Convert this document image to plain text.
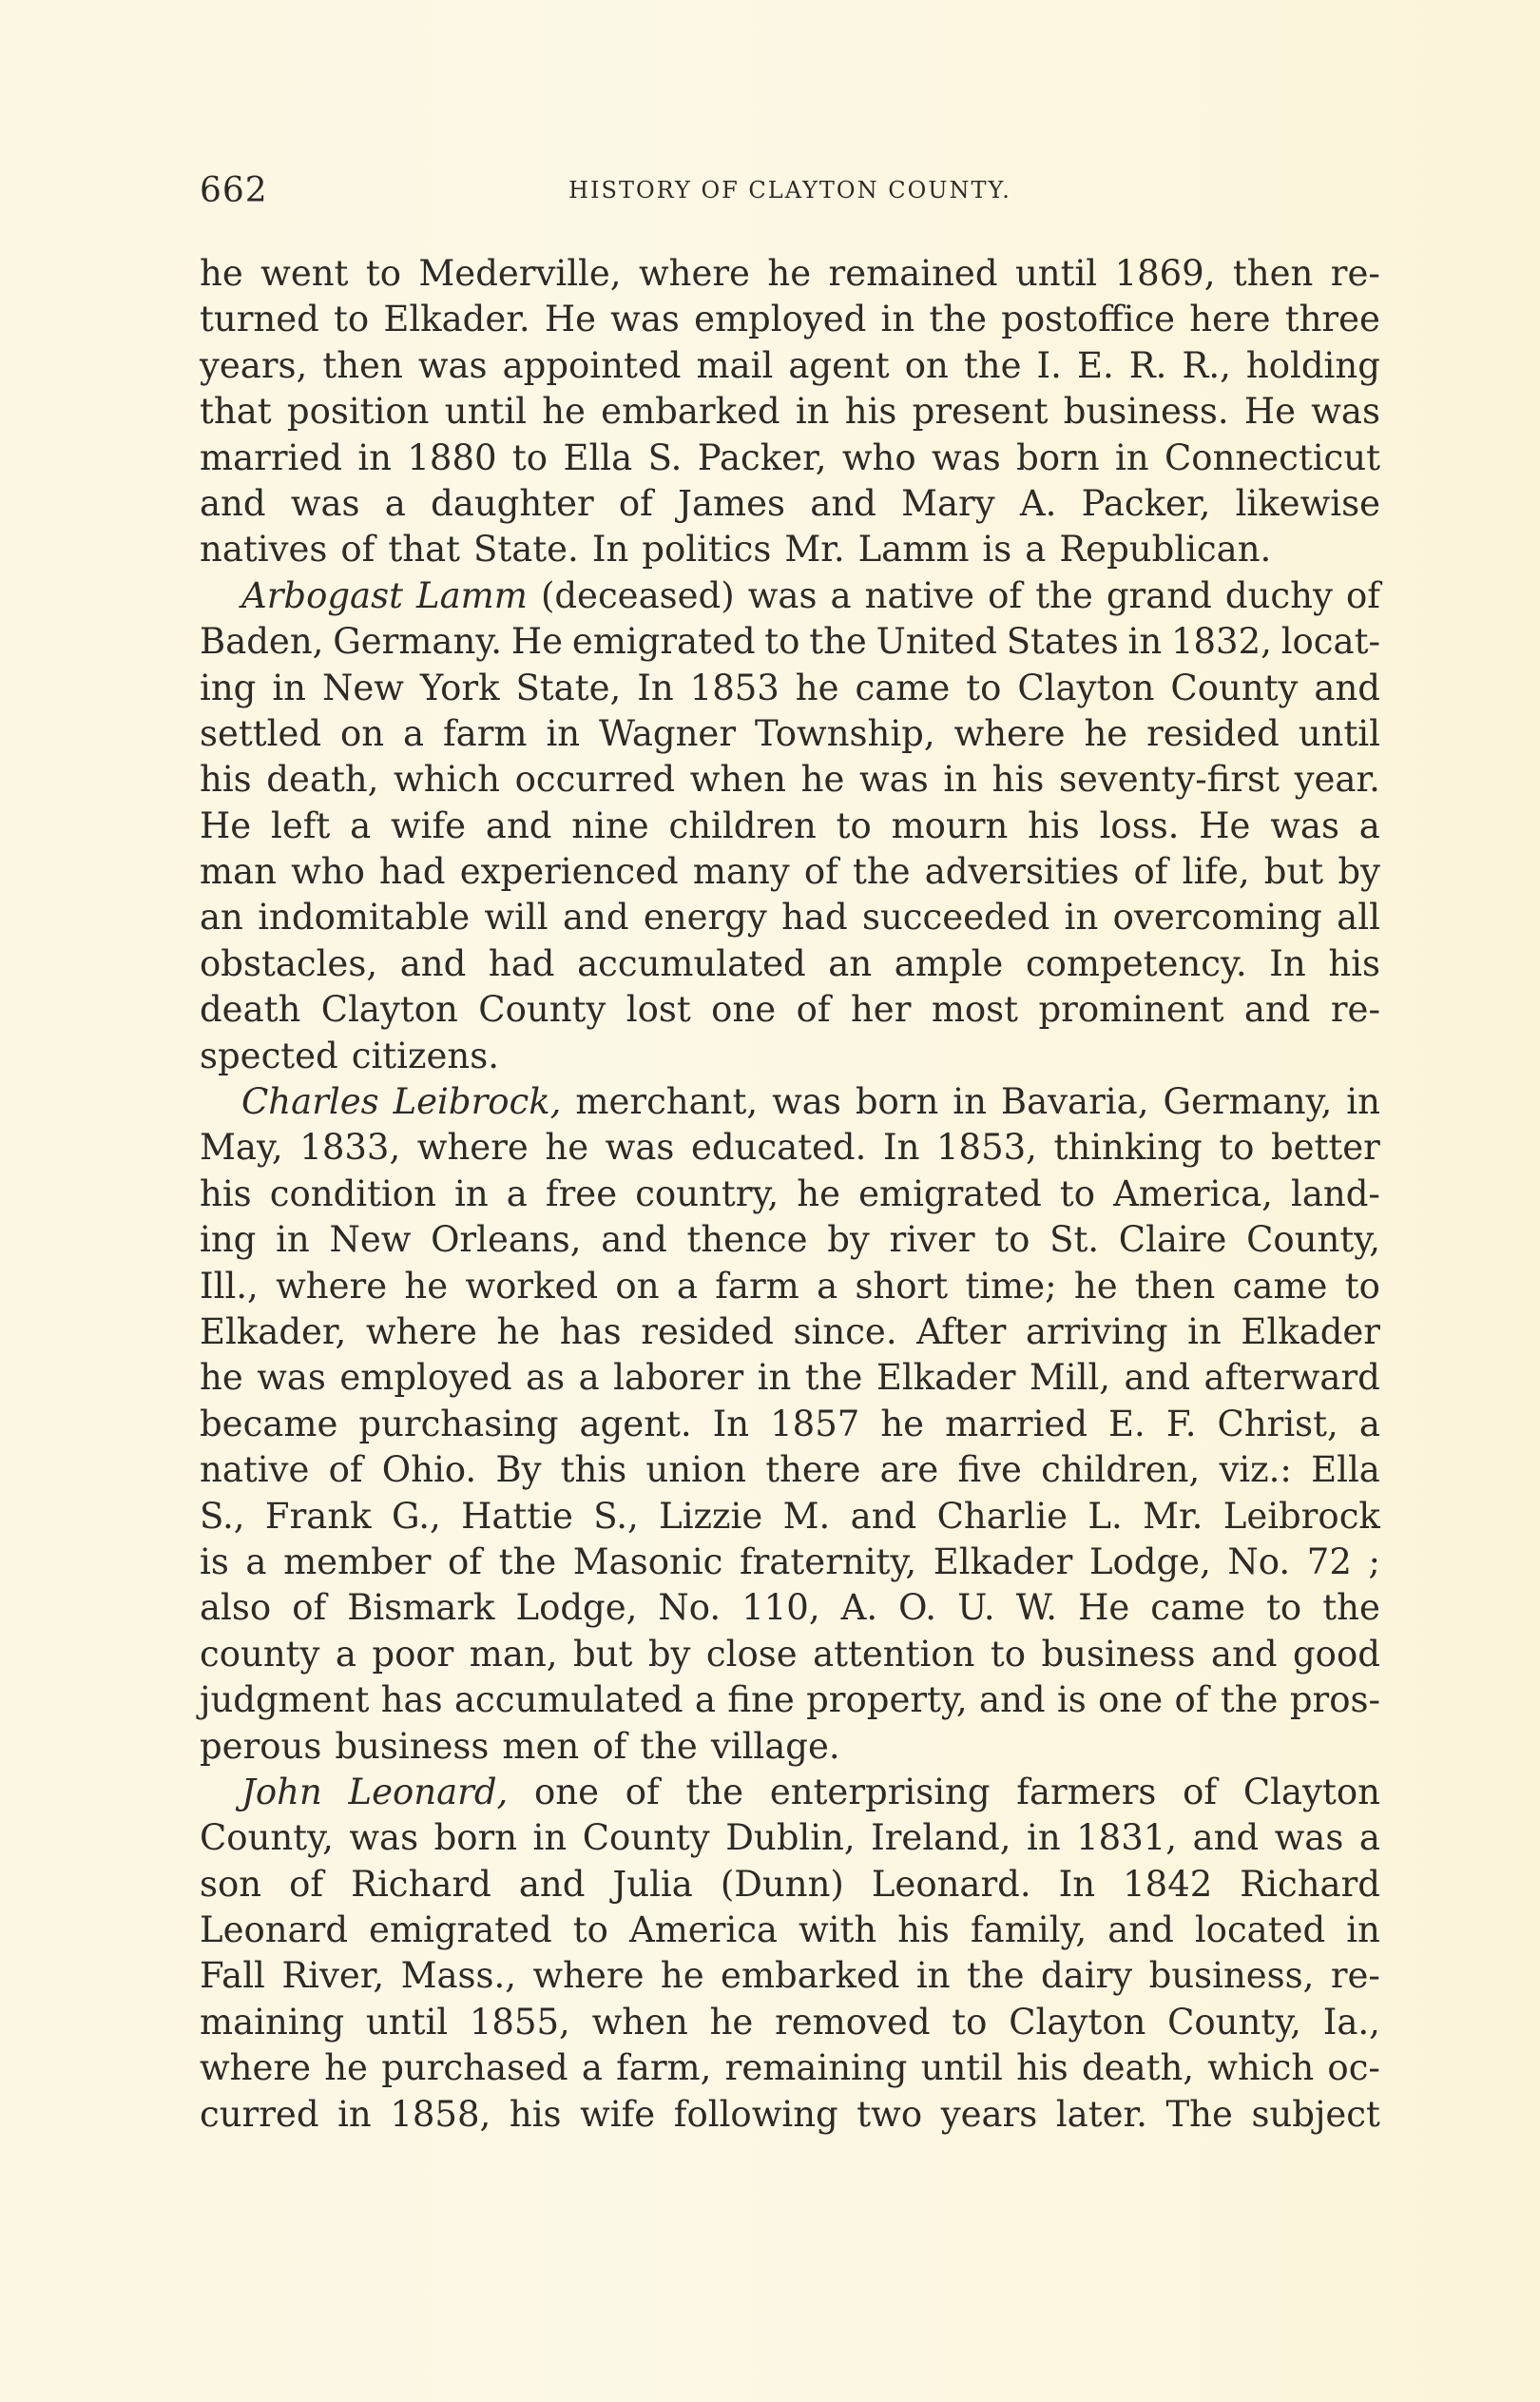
662	HISTORY OF CLAYTON COUNTY.
he went to Mederville, where he remained until 1869, then re-
turned to Elkader. He was employed in the postoffice here three
years, then was appointed mail agent on the I. E. R. R., holding
that position until he embarked in his present business. He was
married in 1880 to Ella S. Packer, who was born in Connecticut
and was a daughter of James and Mary A. Packer, likewise
natives of that State. In politics Mr. Lamm is a Republican.
Arbogast Lamm (deceased) was a native of the grand duchy of
Baden, Germany. He emigrated to the United States in 1832, locat-
ing in New York State, In 1853 he came to Clayton County and
settled on a farm in Wagner Township, where he resided until
his death, which occurred when he was in his seventy-first year.
He left a wife and nine children to mourn his loss. He was a
man who had experienced many of the adversities of life, but by
an indomitable will and energy had succeeded in overcoming all
obstacles, and had accumulated an ample competency. In his
death Clayton County lost one of her most prominent and re-
spected citizens.
Charles Leibrock, merchant, was born in Bavaria, Germany, in
May, 1833, where he was educated. In 1853, thinking to better
his condition in a free country, he emigrated to America, land-
ing in New Orleans, and thence by river to St. Claire County,
Ill., where he worked on a farm a short time; he then came to
Elkader, where he has resided since. After arriving in Elkader
he was employed as a laborer in the Elkader Mill, and afterward
became purchasing agent. In 1857 he married E. F. Christ, a
native of Ohio. By this union there are five children, viz.: Ella
S., Frank G., Hattie S., Lizzie M. and Charlie L. Mr. Leibrock
is a member of the Masonic fraternity, Elkader Lodge, No. 72 ;
also of Bismark Lodge, No. 110, A. O. U. W. He came to the
county a poor man, but by close attention to business and good
judgment has accumulated a fine property, and is one of the pros-
perous business men of the village.
John Leonard, one of the enterprising farmers of Clayton
County, was born in County Dublin, Ireland, in 1831, and was a
son of Richard and Julia (Dunn) Leonard. In 1842 Richard
Leonard emigrated to America with his family, and located in
Fall River, Mass., where he embarked in the dairy business, re-
maining until 1855, when he removed to Clayton County, Ia.,
where he purchased a farm, remaining until his death, which oc-
curred in 1858, his wife following two years later. The subject
